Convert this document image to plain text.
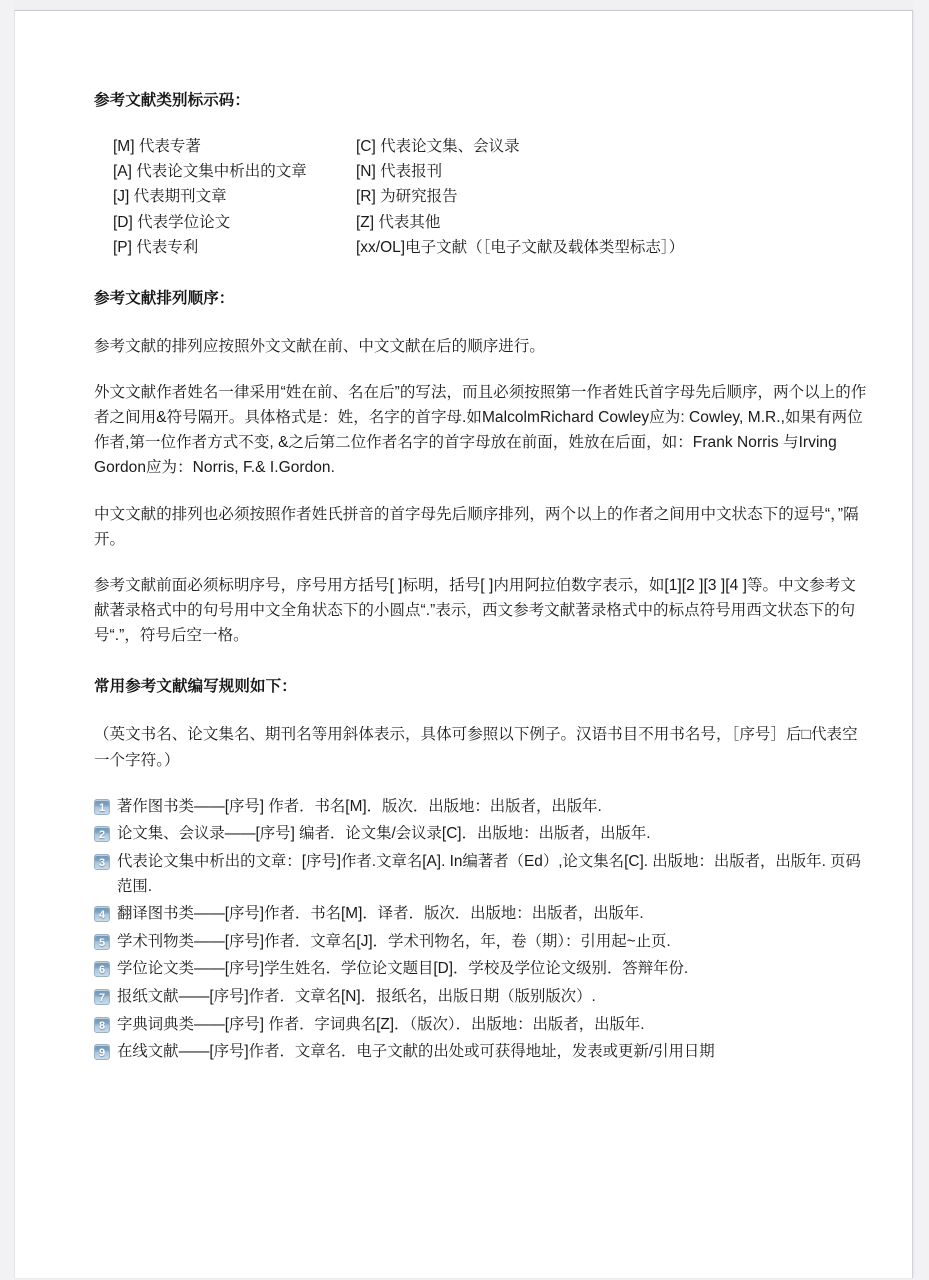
参考文献类别标示码：
[M] 代表专著	[C] 代表论文集、会议录
[A] 代表论文集中析出的文章	[N] 代表报刊
[J] 代表期刊文章	[R] 为研究报告
[D] 代表学位论文	[Z] 代表其他
[P] 代表专利	[xx/OL]电子文献（［电子文献及载体类型标志］）
参考文献排列顺序：
参考文献的排列应按照外文文献在前、中文文献在后的顺序进行。
外文文献作者姓名一律采用“姓在前、名在后”的写法，而且必须按照第一作者姓氏首字母先后顺序，两个以上的作者之间用&符号隔开。具体格式是：姓，名字的首字母.如MalcolmRichard Cowley应为: Cowley, M.R.,如果有两位作者,第一位作者方式不变, &之后第二位作者名字的首字母放在前面，姓放在后面，如：Frank Norris 与Irving Gordon应为：Norris, F.& I.Gordon.
中文文献的排列也必须按照作者姓氏拼音的首字母先后顺序排列，两个以上的作者之间用中文状态下的逗号“，”隔开。
参考文献前面必须标明序号，序号用方括号[ ]标明，括号[ ]内用阿拉伯数字表示，如[1][2 ][3 ][4 ]等。中文参考文献著录格式中的句号用中文全角状态下的小圆点“.”表示，西文参考文献著录格式中的标点符号用西文状态下的句号“.”，符号后空一格。
常用参考文献编写规则如下：
（英文书名、论文集名、期刊名等用斜体表示，具体可参照以下例子。汉语书目不用书名号，［序号］后□代表空一个字符。）
1 著作图书类——[序号] 作者．书名[M]．版次．出版地：出版者，出版年.
2 论文集、会议录——[序号] 编者．论文集/会议录[C]．出版地：出版者，出版年.
3 代表论文集中析出的文章：[序号]作者.文章名[A]. In编著者（Ed）,论文集名[C]. 出版地：出版者，出版年. 页码范围.
4 翻译图书类——[序号]作者．书名[M]．译者．版次．出版地：出版者，出版年.
5 学术刊物类——[序号]作者．文章名[J]．学术刊物名，年，卷（期）：引用起~止页.
6 学位论文类——[序号]学生姓名．学位论文题目[D]．学校及学位论文级别．答辩年份.
7 报纸文献——[序号]作者．文章名[N]．报纸名，出版日期（版别版次）.
8 字典词典类——[序号] 作者．字词典名[Z]．（版次）．出版地：出版者，出版年.
9 在线文献——[序号]作者．文章名．电子文献的出处或可获得地址，发表或更新/引用日期
